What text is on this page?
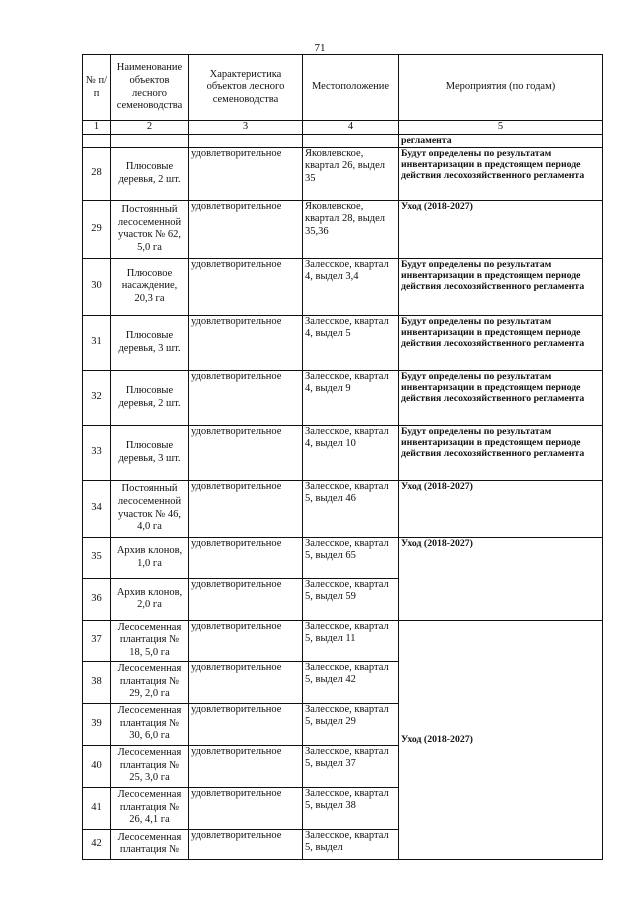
71
№ п/п	Наименование объектов лесного семеноводства	Характеристика объектов лесного семеноводства	Местоположение	Мероприятия (по годам)
1	2	3	4	5
				регламента
28	Плюсовые деревья, 2 шт.	удовлетворительное	Яковлевское, квартал 26, выдел 35	Будут определены по результатам инвентаризации в предстоящем периоде действия лесохозяйственного регламента
29	Постоянный лесосеменной участок № 62, 5,0 га	удовлетворительное	Яковлевское, квартал 28, выдел 35,36	Уход (2018-2027)
30	Плюсовое насаждение, 20,3 га	удовлетворительное	Залесское, квартал 4, выдел 3,4	Будут определены по результатам инвентаризации в предстоящем периоде действия лесохозяйственного регламента
31	Плюсовые деревья, 3 шт.	удовлетворительное	Залесское, квартал 4, выдел 5	Будут определены по результатам инвентаризации в предстоящем периоде действия лесохозяйственного регламента
32	Плюсовые деревья, 2 шт.	удовлетворительное	Залесское, квартал 4, выдел 9	Будут определены по результатам инвентаризации в предстоящем периоде действия лесохозяйственного регламента
33	Плюсовые деревья, 3 шт.	удовлетворительное	Залесское, квартал 4, выдел 10	Будут определены по результатам инвентаризации в предстоящем периоде действия лесохозяйственного регламента
34	Постоянный лесосеменной участок № 46, 4,0 га	удовлетворительное	Залесское, квартал 5, выдел 46	Уход (2018-2027)
35	Архив клонов, 1,0 га	удовлетворительное	Залесское, квартал 5, выдел 65	Уход (2018-2027)
36	Архив клонов, 2,0 га	удовлетворительное	Залесское, квартал 5, выдел 59	
37	Лесосеменная плантация № 18, 5,0 га	удовлетворительное	Залесское, квартал 5, выдел 11	Уход (2018-2027)
38	Лесосеменная плантация № 29, 2,0 га	удовлетворительное	Залесское, квартал 5, выдел 42	
39	Лесосеменная плантация № 30, 6,0 га	удовлетворительное	Залесское, квартал 5, выдел 29	
40	Лесосеменная плантация № 25, 3,0 га	удовлетворительное	Залесское, квартал 5, выдел 37	
41	Лесосеменная плантация № 26, 4,1 га	удовлетворительное	Залесское, квартал 5, выдел 38	
42	Лесосеменная плантация №	удовлетворительное	Залесское, квартал 5, выдел	
